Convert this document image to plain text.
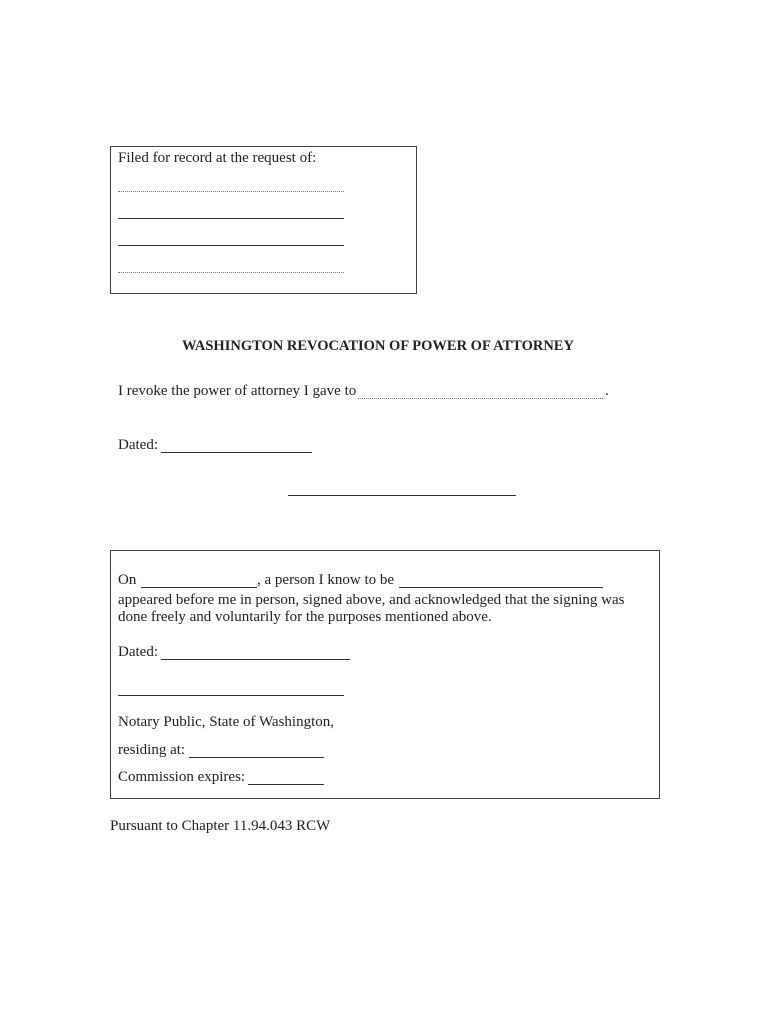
Filed for record at the request of:
WASHINGTON REVOCATION OF POWER OF ATTORNEY
I revoke the power of attorney I gave to	.
Dated:
On	, a person I know to be
appeared before me in person, signed above, and acknowledged that the signing was
done freely and voluntarily for the purposes mentioned above.
Dated:
Notary Public, State of Washington,
residing at:
Commission expires:
Pursuant to Chapter 11.94.043 RCW
